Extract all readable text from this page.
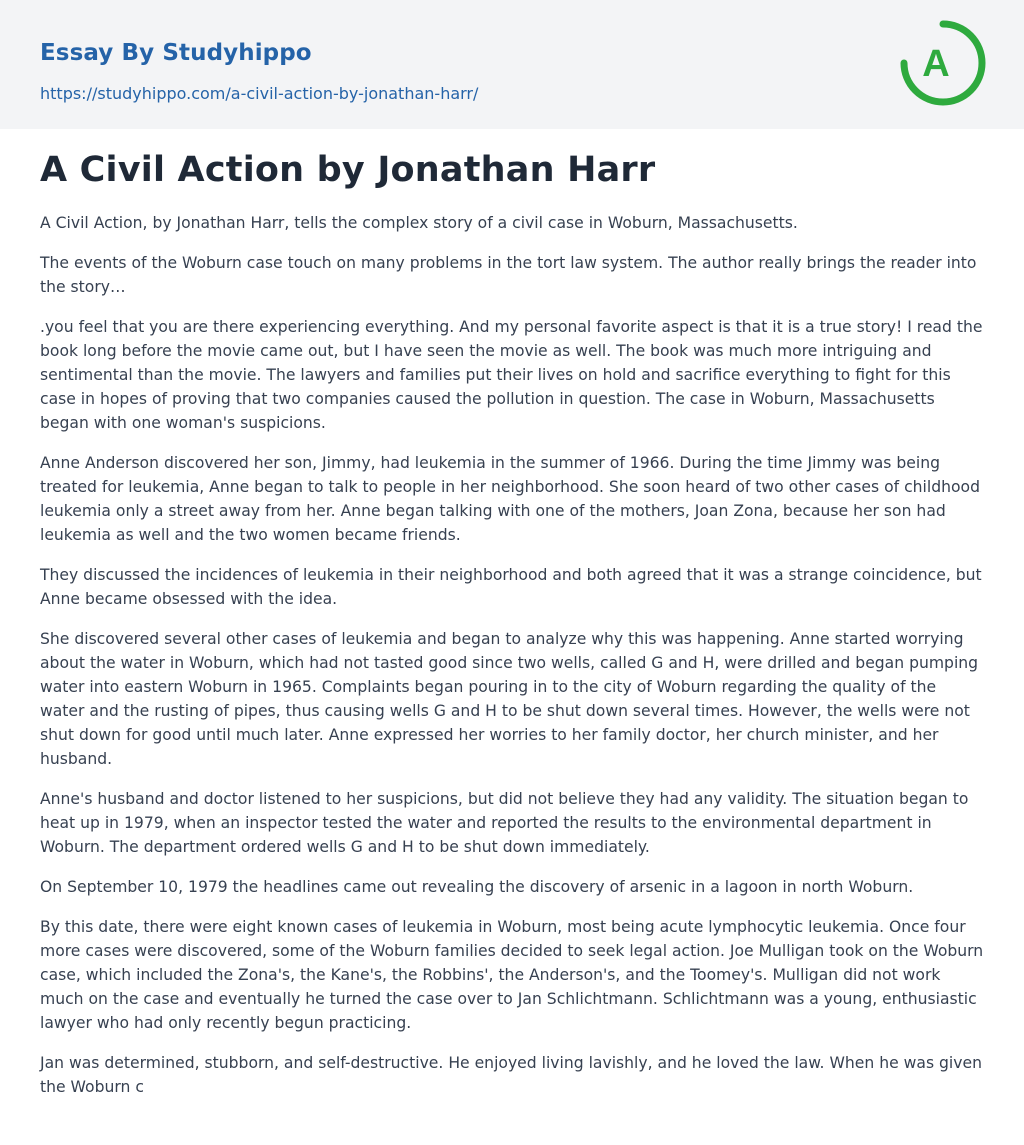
Essay By Studyhippo
https://studyhippo.com/a-civil-action-by-jonathan-harr/
A
A Civil Action by Jonathan Harr

A Civil Action, by Jonathan Harr, tells the complex story of a civil case in Woburn, Massachusetts.

The events of the Woburn case touch on many problems in the tort law system. The author really brings the reader into the story…

.you feel that you are there experiencing everything. And my personal favorite aspect is that it is a true story! I read the book long before the movie came out, but I have seen the movie as well. The book was much more intriguing and sentimental than the movie. The lawyers and families put their lives on hold and sacrifice everything to fight for this case in hopes of proving that two companies caused the pollution in question. The case in Woburn, Massachusetts began with one woman's suspicions.

Anne Anderson discovered her son, Jimmy, had leukemia in the summer of 1966. During the time Jimmy was being treated for leukemia, Anne began to talk to people in her neighborhood. She soon heard of two other cases of childhood leukemia only a street away from her. Anne began talking with one of the mothers, Joan Zona, because her son had leukemia as well and the two women became friends.

They discussed the incidences of leukemia in their neighborhood and both agreed that it was a strange coincidence, but Anne became obsessed with the idea.

She discovered several other cases of leukemia and began to analyze why this was happening. Anne started worrying about the water in Woburn, which had not tasted good since two wells, called G and H, were drilled and began pumping water into eastern Woburn in 1965. Complaints began pouring in to the city of Woburn regarding the quality of the water and the rusting of pipes, thus causing wells G and H to be shut down several times. However, the wells were not shut down for good until much later. Anne expressed her worries to her family doctor, her church minister, and her husband.

Anne's husband and doctor listened to her suspicions, but did not believe they had any validity. The situation began to heat up in 1979, when an inspector tested the water and reported the results to the environmental department in Woburn. The department ordered wells G and H to be shut down immediately.

On September 10, 1979 the headlines came out revealing the discovery of arsenic in a lagoon in north Woburn.

By this date, there were eight known cases of leukemia in Woburn, most being acute lymphocytic leukemia. Once four more cases were discovered, some of the Woburn families decided to seek legal action. Joe Mulligan took on the Woburn case, which included the Zona's, the Kane's, the Robbins', the Anderson's, and the Toomey's. Mulligan did not work much on the case and eventually he turned the case over to Jan Schlichtmann. Schlichtmann was a young, enthusiastic lawyer who had only recently begun practicing.

Jan was determined, stubborn, and self-destructive. He enjoyed living lavishly, and he loved the law. When he was given the Woburn c
